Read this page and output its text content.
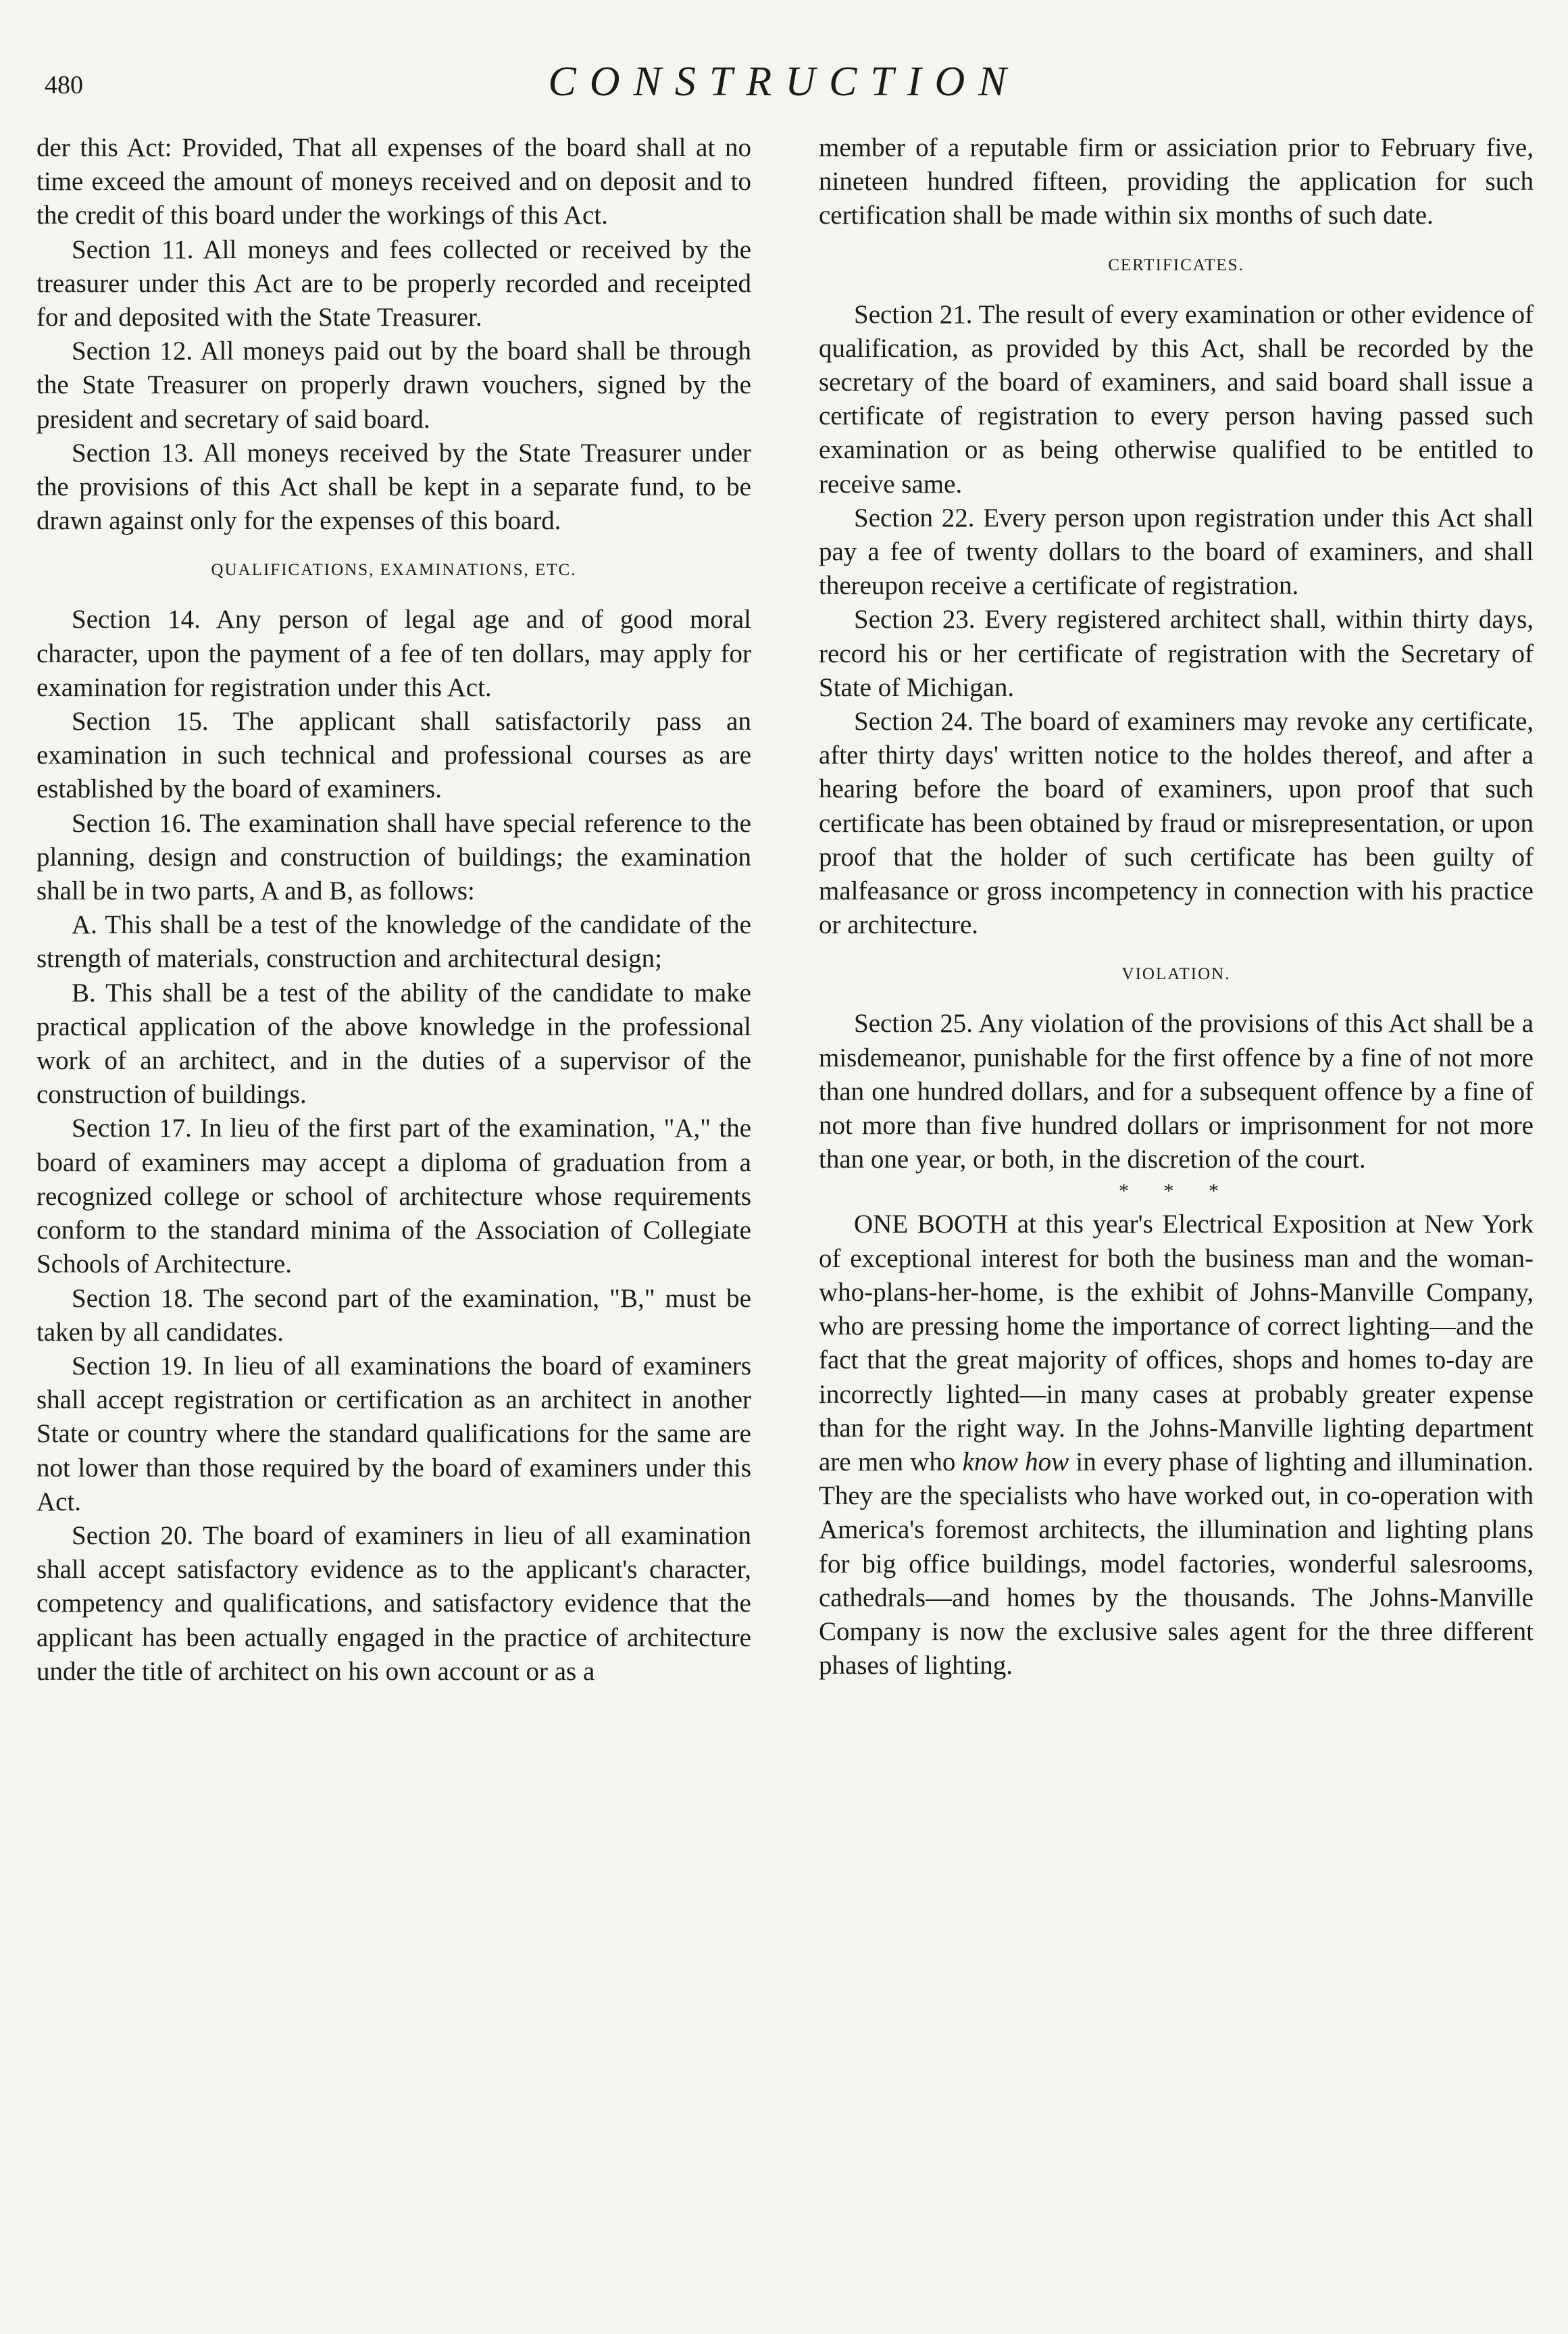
480	CONSTRUCTION

der this Act: Provided, That all expenses of the board shall at no time exceed the amount of moneys received and on deposit and to the credit of this board under the workings of this Act.

Section 11. All moneys and fees collected or received by the treasurer under this Act are to be properly recorded and receipted for and deposited with the State Treasurer.

Section 12. All moneys paid out by the board shall be through the State Treasurer on properly drawn vouchers, signed by the president and secretary of said board.

Section 13. All moneys received by the State Treasurer under the provisions of this Act shall be kept in a separate fund, to be drawn against only for the expenses of this board.

QUALIFICATIONS, EXAMINATIONS, ETC.

Section 14. Any person of legal age and of good moral character, upon the payment of a fee of ten dollars, may apply for examination for registration under this Act.

Section 15. The applicant shall satisfactorily pass an examination in such technical and professional courses as are established by the board of examiners.

Section 16. The examination shall have special reference to the planning, design and construction of buildings; the examination shall be in two parts, A and B, as follows:

A. This shall be a test of the knowledge of the candidate of the strength of materials, construction and architectural design;

B. This shall be a test of the ability of the candidate to make practical application of the above knowledge in the professional work of an architect, and in the duties of a supervisor of the construction of buildings.

Section 17. In lieu of the first part of the examination, "A," the board of examiners may accept a diploma of graduation from a recognized college or school of architecture whose requirements conform to the standard minima of the Association of Collegiate Schools of Architecture.

Section 18. The second part of the examination, "B," must be taken by all candidates.

Section 19. In lieu of all examinations the board of examiners shall accept registration or certification as an architect in another State or country where the standard qualifications for the same are not lower than those required by the board of examiners under this Act.

Section 20. The board of examiners in lieu of all examination shall accept satisfactory evidence as to the applicant's character, competency and qualifications, and satisfactory evidence that the applicant has been actually engaged in the practice of architecture under the title of architect on his own account or as a

member of a reputable firm or assiciation prior to February five, nineteen hundred fifteen, providing the application for such certification shall be made within six months of such date.

CERTIFICATES.

Section 21. The result of every examination or other evidence of qualification, as provided by this Act, shall be recorded by the secretary of the board of examiners, and said board shall issue a certificate of registration to every person having passed such examination or as being otherwise qualified to be entitled to receive same.

Section 22. Every person upon registration under this Act shall pay a fee of twenty dollars to the board of examiners, and shall thereupon receive a certificate of registration.

Section 23. Every registered architect shall, within thirty days, record his or her certificate of registration with the Secretary of State of Michigan.

Section 24. The board of examiners may revoke any certificate, after thirty days' written notice to the holdes thereof, and after a hearing before the board of examiners, upon proof that such certificate has been obtained by fraud or misrepresentation, or upon proof that the holder of such certificate has been guilty of malfeasance or gross incompetency in connection with his practice or architecture.

VIOLATION.

Section 25. Any violation of the provisions of this Act shall be a misdemeanor, punishable for the first offence by a fine of not more than one hundred dollars, and for a subsequent offence by a fine of not more than five hundred dollars or imprisonment for not more than one year, or both, in the discretion of the court.

* * *

ONE BOOTH at this year's Electrical Exposition at New York of exceptional interest for both the business man and the woman-who-plans-her-home, is the exhibit of Johns-Manville Company, who are pressing home the importance of correct lighting—and the fact that the great majority of offices, shops and homes to-day are incorrectly lighted—in many cases at probably greater expense than for the right way. In the Johns-Manville lighting department are men who know how in every phase of lighting and illumination. They are the specialists who have worked out, in co-operation with America's foremost architects, the illumination and lighting plans for big office buildings, model factories, wonderful salesrooms, cathedrals—and homes by the thousands. The Johns-Manville Company is now the exclusive sales agent for the three different phases of lighting.
